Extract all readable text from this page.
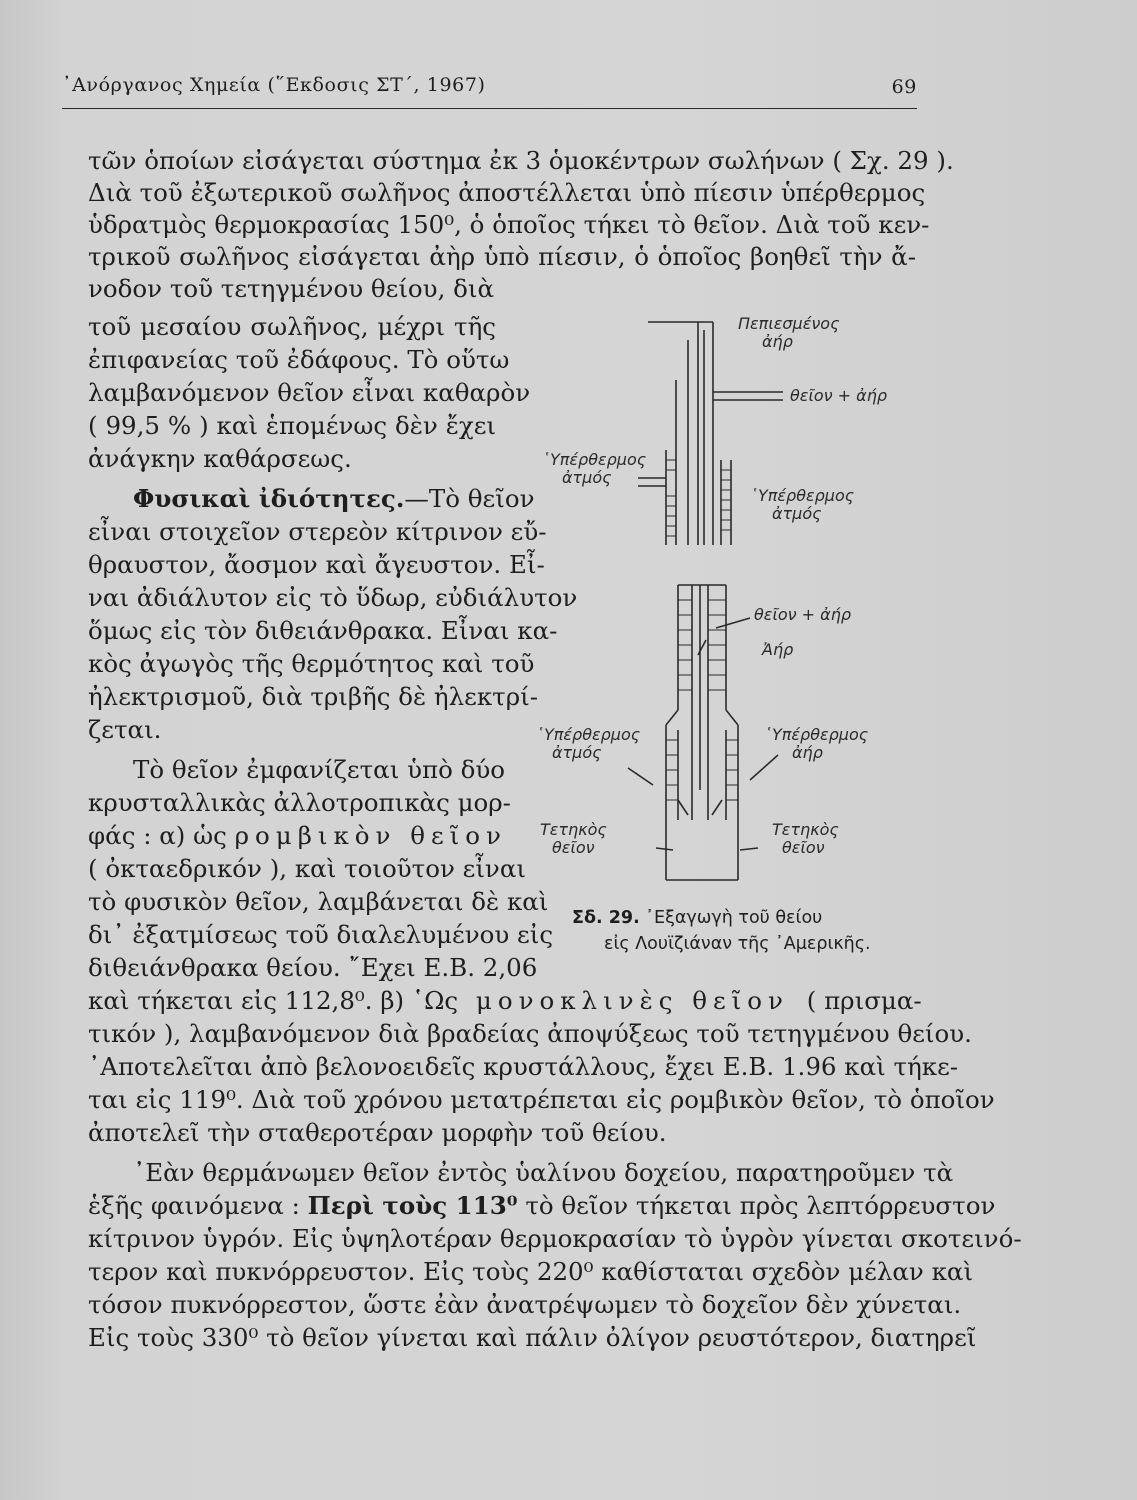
᾿Ανόργανος Χημεία (῞Εκδοσις ΣΤ΄, 1967)	69
τῶν ὁποίων εἰσάγεται σύστημα ἐκ 3 ὁμοκέντρων σωλήνων ( Σχ. 29 ).
Διὰ τοῦ ἐξωτερικοῦ σωλῆνος ἀποστέλλεται ὑπὸ πίεσιν ὑπέρθερμος
ὑδρατμὸς θερμοκρασίας 150⁰, ὁ ὁποῖος τήκει τὸ θεῖον. Διὰ τοῦ κεν-
τρικοῦ σωλῆνος εἰσάγεται ἀὴρ ὑπὸ πίεσιν, ὁ ὁποῖος βοηθεῖ τὴν ἄ-
νοδον τοῦ τετηγμένου θείου, διὰ
τοῦ μεσαίου σωλῆνος, μέχρι τῆς
ἐπιφανείας τοῦ ἐδάφους. Τὸ οὕτω
λαμβανόμενον θεῖον εἶναι καθαρὸν
( 99,5 % ) καὶ ἑπομένως δὲν ἔχει
ἀνάγκην καθάρσεως.
Φυσικαὶ ἰδιότητες.—Τὸ θεῖον
εἶναι στοιχεῖον στερεὸν κίτρινον εὔ-
θραυστον, ἄοσμον καὶ ἄγευστον. Εἶ-
ναι ἀδιάλυτον εἰς τὸ ὕδωρ, εὐδιάλυτον
ὅμως εἰς τὸν διθειάνθρακα. Εἶναι κα-
κὸς ἀγωγὸς τῆς θερμότητος καὶ τοῦ
ἠλεκτρισμοῦ, διὰ τριβῆς δὲ ἠλεκτρί-
ζεται.
Τὸ θεῖον ἐμφανίζεται ὑπὸ δύο
κρυσταλλικὰς ἀλλοτροπικὰς μορ-
φάς : α) ὡς ρομβικὸν θεῖον
( ὀκταεδρικόν ), καὶ τοιοῦτον εἶναι
τὸ φυσικὸν θεῖον, λαμβάνεται δὲ καὶ
δι᾿ ἐξατμίσεως τοῦ διαλελυμένου εἰς
διθειάνθρακα θείου. ῎Εχει Ε.Β. 2,06
καὶ τήκεται εἰς 112,8⁰. β) ῾Ως μονοκλινὲς θεῖον ( πρισμα-
τικόν ), λαμβανόμενον διὰ βραδείας ἀποψύξεως τοῦ τετηγμένου θείου.
᾿Αποτελεῖται ἀπὸ βελονοειδεῖς κρυστάλλους, ἔχει Ε.Β. 1.96 καὶ τήκε-
ται εἰς 119⁰. Διὰ τοῦ χρόνου μετατρέπεται εἰς ρομβικὸν θεῖον, τὸ ὁποῖον
ἀποτελεῖ τὴν σταθεροτέραν μορφὴν τοῦ θείου.
᾿Εὰν θερμάνωμεν θεῖον ἐντὸς ὑαλίνου δοχείου, παρατηροῦμεν τὰ
ἑξῆς φαινόμενα : Περὶ τοὺς 113⁰ τὸ θεῖον τήκεται πρὸς λεπτόρρευστον
κίτρινον ὑγρόν. Εἰς ὑψηλοτέραν θερμοκρασίαν τὸ ὑγρὸν γίνεται σκοτεινό-
τερον καὶ πυκνόρρευστον. Εἰς τοὺς 220⁰ καθίσταται σχεδὸν μέλαν καὶ
τόσον πυκνόρρεστον, ὥστε ἐὰν ἀνατρέψωμεν τὸ δοχεῖον δὲν χύνεται.
Εἰς τοὺς 330⁰ τὸ θεῖον γίνεται καὶ πάλιν ὀλίγον ρευστότερον, διατηρεῖ
Πεπιεσμένος
ἀήρ
θεῖον + ἀήρ
῾Υπέρθερμος
ἀτμός
῾Υπέρθερμος
ἀτμός
θεῖον + ἀήρ
Ἀήρ
῾Υπέρθερμος
ἀτμός
῾Υπέρθερμος
ἀήρ
Τετηκὸς
θεῖον
Τετηκὸς
θεῖον
Σδ. 29. ᾿Εξαγωγὴ τοῦ θείου
εἰς Λουϊζιάναν τῆς ᾿Αμερικῆς.
